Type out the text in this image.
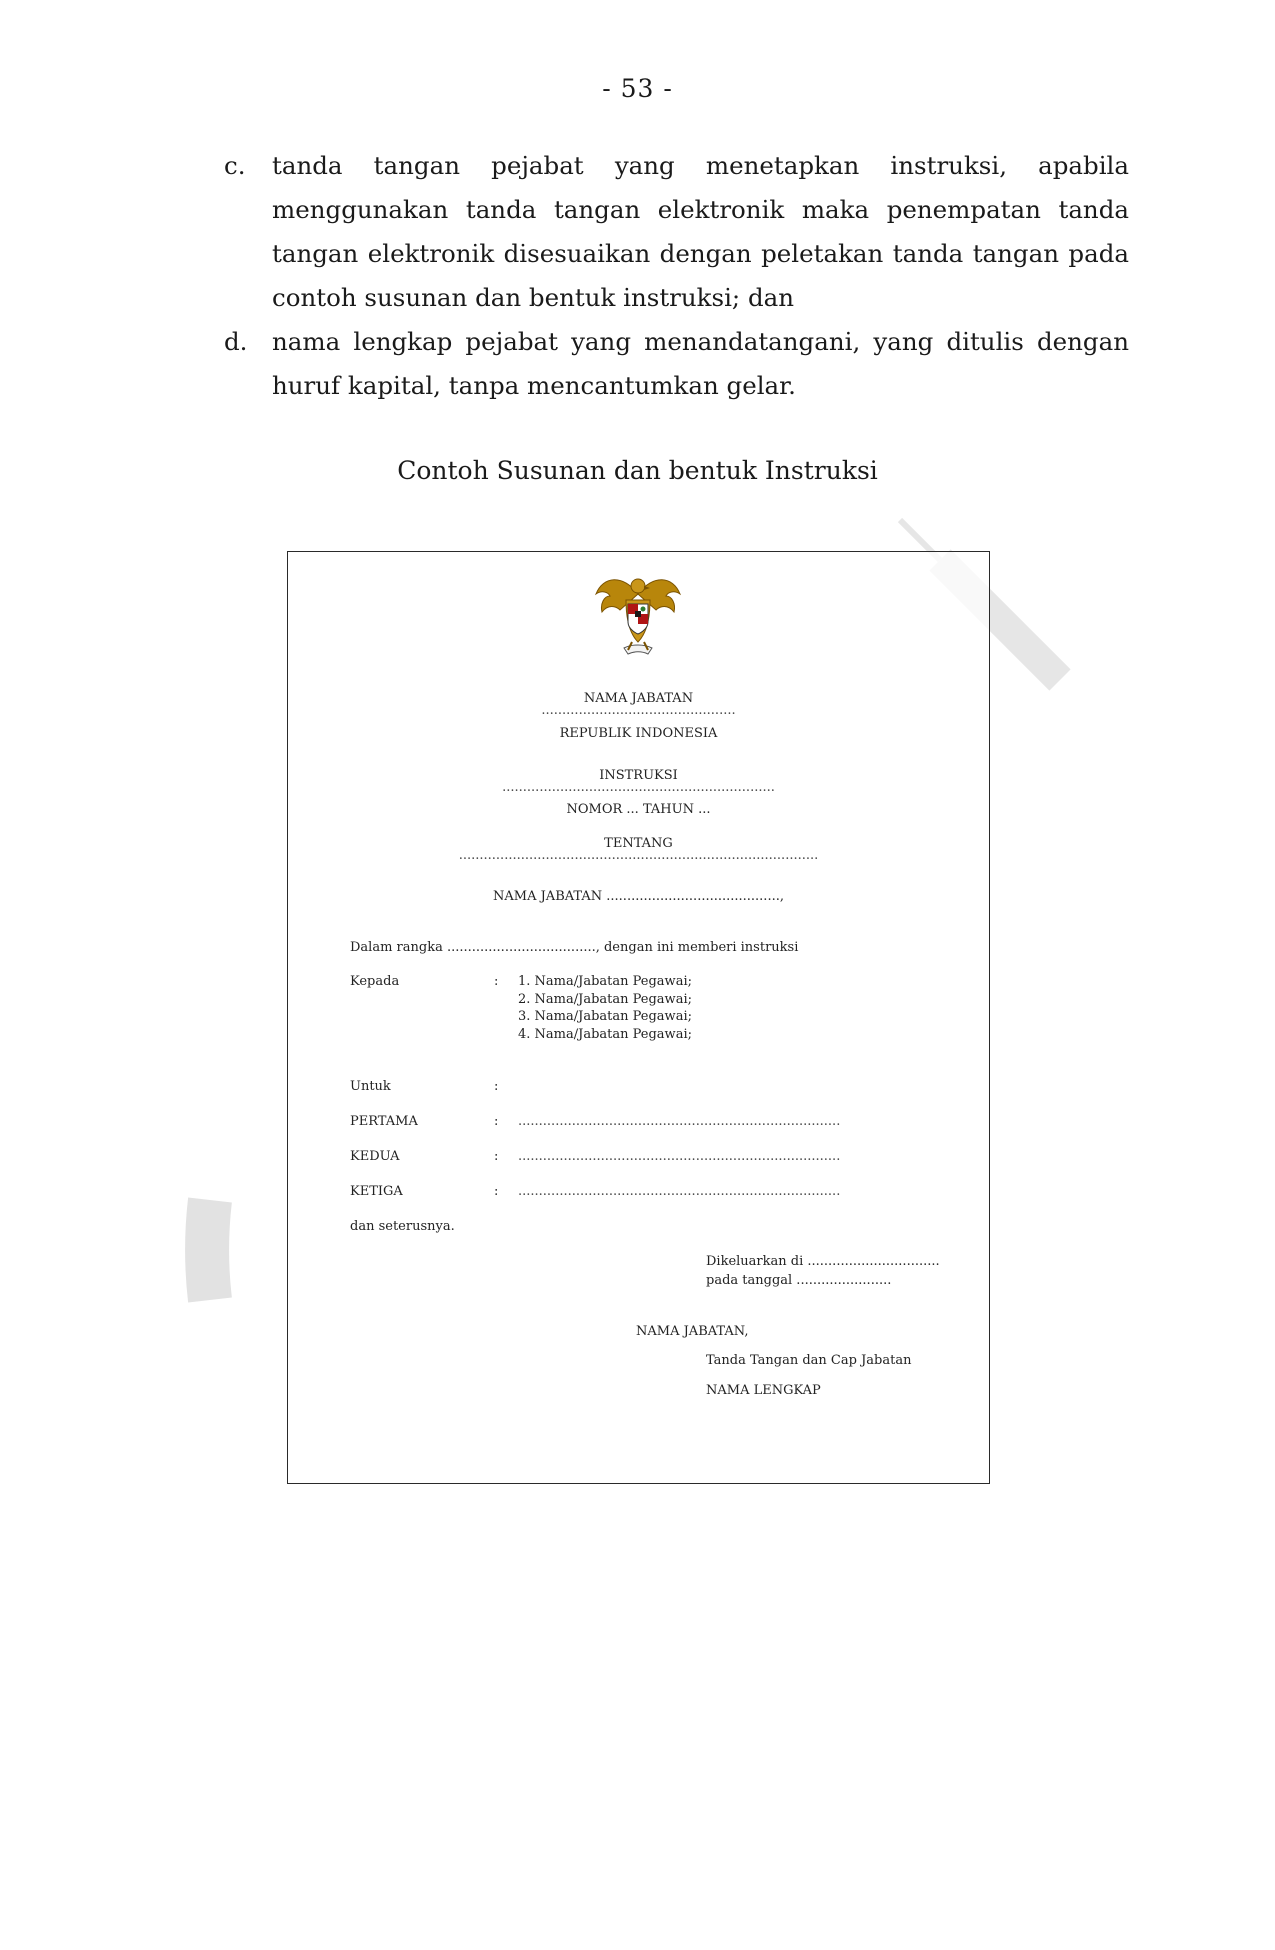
- 53 -
c. tanda tangan pejabat yang menetapkan instruksi, apabila menggunakan tanda tangan elektronik maka penempatan tanda tangan elektronik disesuaikan dengan peletakan tanda tangan pada contoh susunan dan bentuk instruksi; dan
d. nama lengkap pejabat yang menandatangani, yang ditulis dengan huruf kapital, tanpa mencantumkan gelar.
Contoh Susunan dan bentuk Instruksi
NAMA JABATAN
...............................................
REPUBLIK INDONESIA
INSTRUKSI
..................................................................
NOMOR ... TAHUN ...
TENTANG
.......................................................................................
NAMA JABATAN ..........................................,
Dalam rangka ...................................., dengan ini memberi instruksi
Kepada	: 1. Nama/Jabatan Pegawai;
2. Nama/Jabatan Pegawai;
3. Nama/Jabatan Pegawai;
4. Nama/Jabatan Pegawai;
Untuk	:
PERTAMA	: ..............................................................................
KEDUA	: ..............................................................................
KETIGA	: ..............................................................................
dan seterusnya.
Dikeluarkan di ................................
pada tanggal .......................
NAMA JABATAN,
Tanda Tangan dan Cap Jabatan
NAMA LENGKAP
